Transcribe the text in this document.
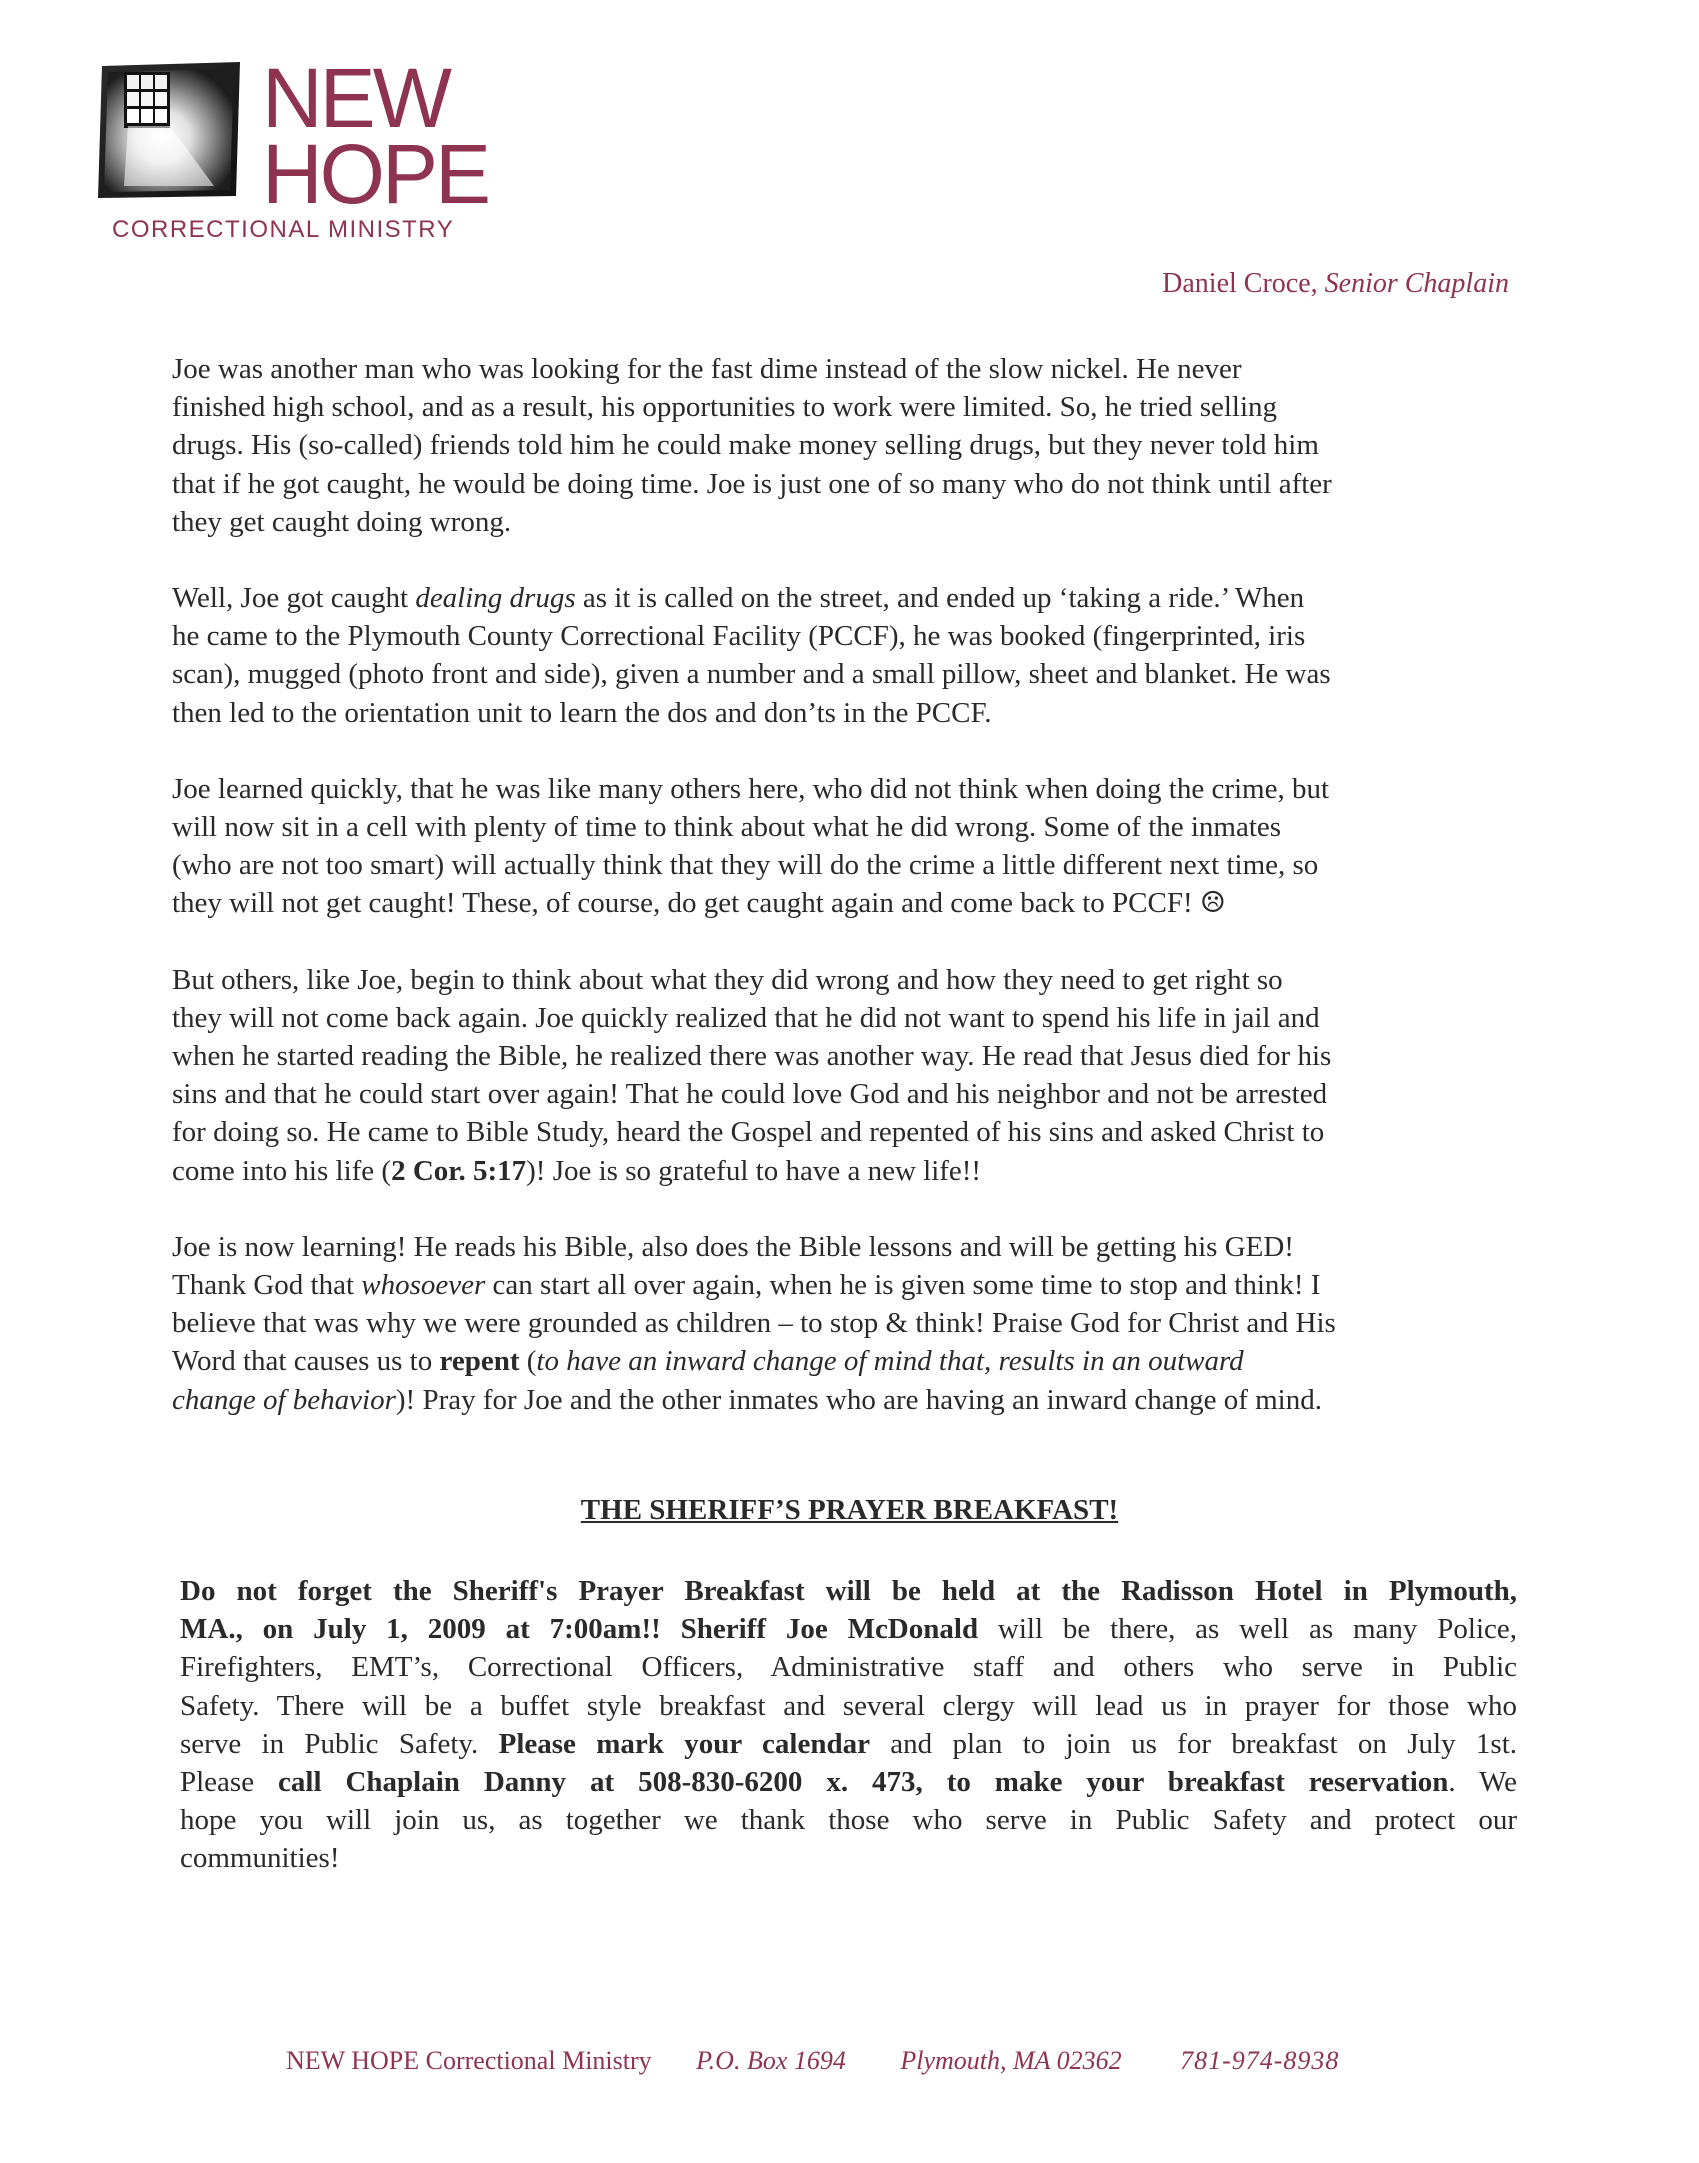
NEW
HOPE
CORRECTIONAL MINISTRY
Daniel Croce, Senior Chaplain

Joe was another man who was looking for the fast dime instead of the slow nickel. He never
finished high school, and as a result, his opportunities to work were limited. So, he tried selling
drugs. His (so-called) friends told him he could make money selling drugs, but they never told him
that if he got caught, he would be doing time. Joe is just one of so many who do not think until after
they get caught doing wrong.

Well, Joe got caught dealing drugs as it is called on the street, and ended up ‘taking a ride.’ When
he came to the Plymouth County Correctional Facility (PCCF), he was booked (fingerprinted, iris
scan), mugged (photo front and side), given a number and a small pillow, sheet and blanket. He was
then led to the orientation unit to learn the dos and don’ts in the PCCF.

Joe learned quickly, that he was like many others here, who did not think when doing the crime, but
will now sit in a cell with plenty of time to think about what he did wrong. Some of the inmates
(who are not too smart) will actually think that they will do the crime a little different next time, so
they will not get caught! These, of course, do get caught again and come back to PCCF! ☹

But others, like Joe, begin to think about what they did wrong and how they need to get right so
they will not come back again. Joe quickly realized that he did not want to spend his life in jail and
when he started reading the Bible, he realized there was another way. He read that Jesus died for his
sins and that he could start over again! That he could love God and his neighbor and not be arrested
for doing so. He came to Bible Study, heard the Gospel and repented of his sins and asked Christ to
come into his life (2 Cor. 5:17)! Joe is so grateful to have a new life!!

Joe is now learning! He reads his Bible, also does the Bible lessons and will be getting his GED!
Thank God that whosoever can start all over again, when he is given some time to stop and think! I
believe that was why we were grounded as children – to stop & think! Praise God for Christ and His
Word that causes us to repent (to have an inward change of mind that, results in an outward
change of behavior)! Pray for Joe and the other inmates who are having an inward change of mind.

THE SHERIFF’S PRAYER BREAKFAST!
Do not forget the Sheriff's Prayer Breakfast will be held at the Radisson Hotel in Plymouth,
MA., on July 1, 2009 at 7:00am!! Sheriff Joe McDonald will be there, as well as many Police,
Firefighters, EMT’s, Correctional Officers, Administrative staff and others who serve in Public
Safety. There will be a buffet style breakfast and several clergy will lead us in prayer for those who
serve in Public Safety. Please mark your calendar and plan to join us for breakfast on July 1st.
Please call Chaplain Danny at 508-830-6200 x. 473, to make your breakfast reservation. We
hope you will join us, as together we thank those who serve in Public Safety and protect our
communities!
NEW HOPE Correctional Ministry P.O. Box 1694 Plymouth, MA 02362 781-974-8938
